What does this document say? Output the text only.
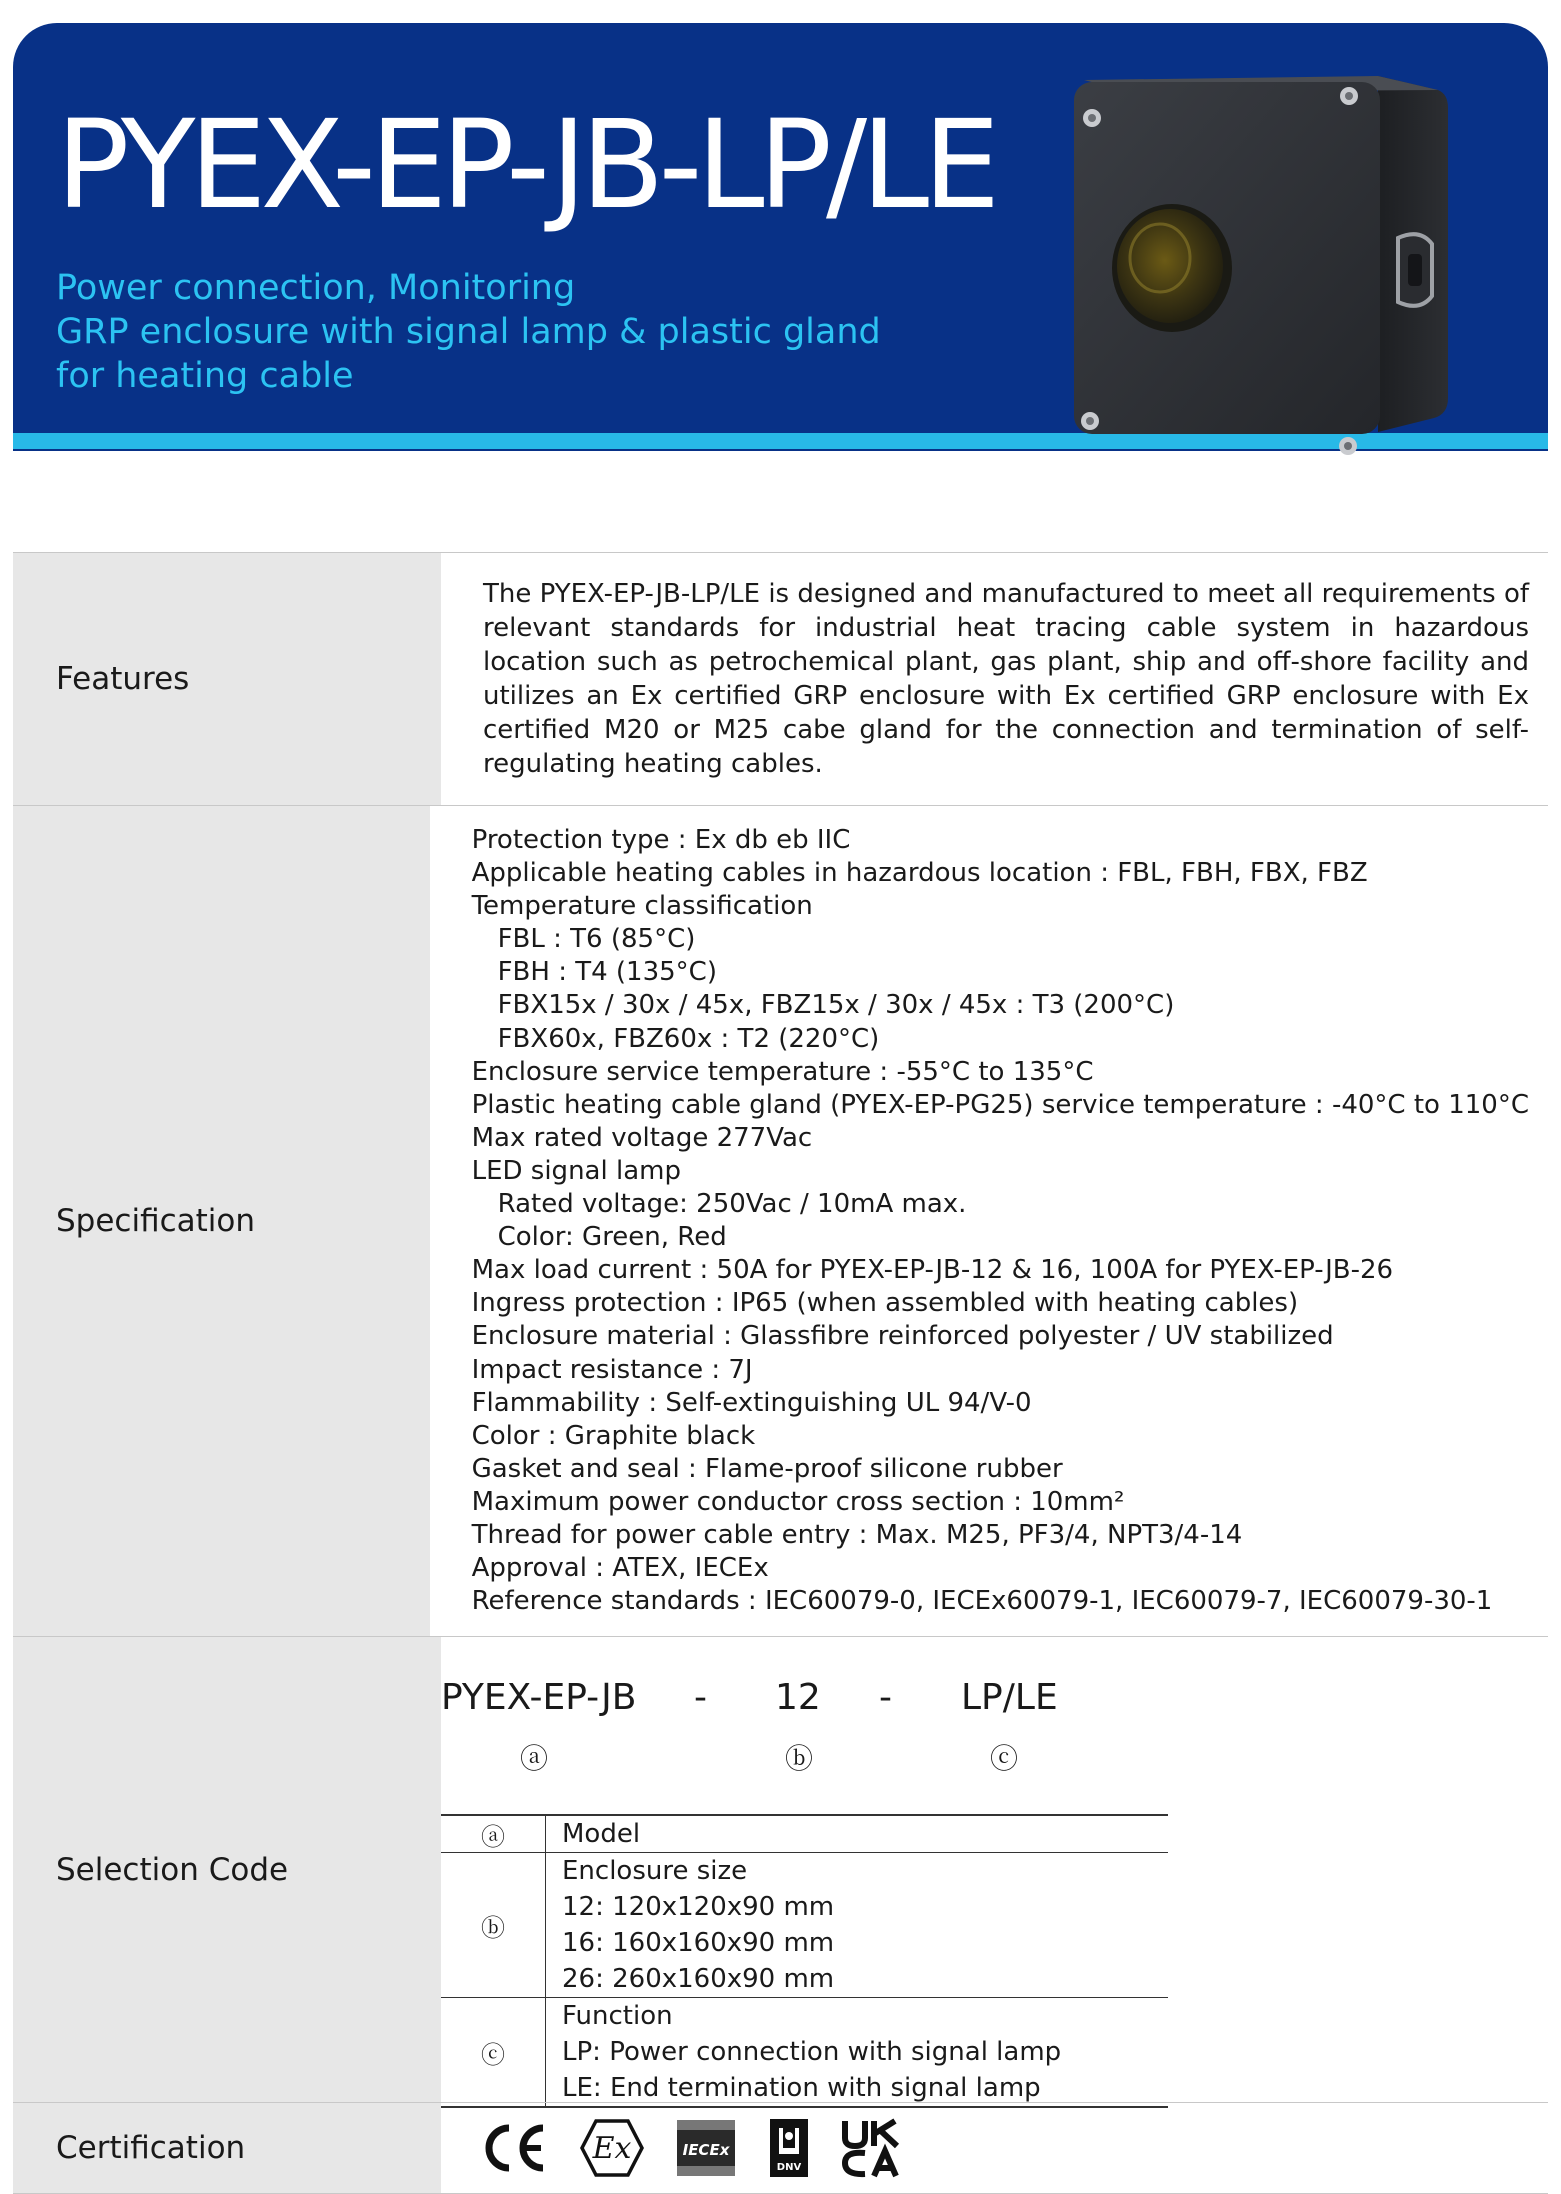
PYEX-EP-JB-LP/LE
Power connection, Monitoring
GRP enclosure with signal lamp & plastic gland
for heating cable
Features
The PYEX-EP-JB-LP/LE is designed and manufactured to meet all requirements of relevant standards for industrial heat tracing cable system in hazardous location such as petrochemical plant, gas plant, ship and off-shore facility and utilizes an Ex certified GRP enclosure with Ex certified GRP enclosure with Ex certified M20 or M25 cabe gland for the connection and termination of self-regulating heating cables.
Specification
Protection type : Ex db eb IIC
Applicable heating cables in hazardous location : FBL, FBH, FBX, FBZ
Temperature classification
FBL : T6 (85°C)
FBH : T4 (135°C)
FBX15x / 30x / 45x, FBZ15x / 30x / 45x : T3 (200°C)
FBX60x, FBZ60x : T2 (220°C)
Enclosure service temperature : -55°C to 135°C
Plastic heating cable gland (PYEX-EP-PG25) service temperature : -40°C to 110°C
Max rated voltage 277Vac
LED signal lamp
Rated voltage: 250Vac / 10mA max.
Color: Green, Red
Max load current : 50A for PYEX-EP-JB-12 & 16, 100A for PYEX-EP-JB-26
Ingress protection : IP65 (when assembled with heating cables)
Enclosure material : Glassfibre reinforced polyester / UV stabilized
Impact resistance : 7J
Flammability : Self-extinguishing UL 94/V-0
Color : Graphite black
Gasket and seal : Flame-proof silicone rubber
Maximum power conductor cross section : 10mm²
Thread for power cable entry : Max. M25, PF3/4, NPT3/4-14
Approval : ATEX, IECEx
Reference standards : IEC60079-0, IECEx60079-1, IEC60079-7, IEC60079-30-1
Selection Code
PYEX-EP-JB - 12 - LP/LE
ⓐ	ⓑ	ⓒ
ⓐ	Model
ⓑ	Enclosure size
	12: 120x120x90 mm
	16: 160x160x90 mm
	26: 260x160x90 mm
ⓒ	Function
	LP: Power connection with signal lamp
	LE: End termination with signal lamp
Certification	Ex	IECEx
DNV
